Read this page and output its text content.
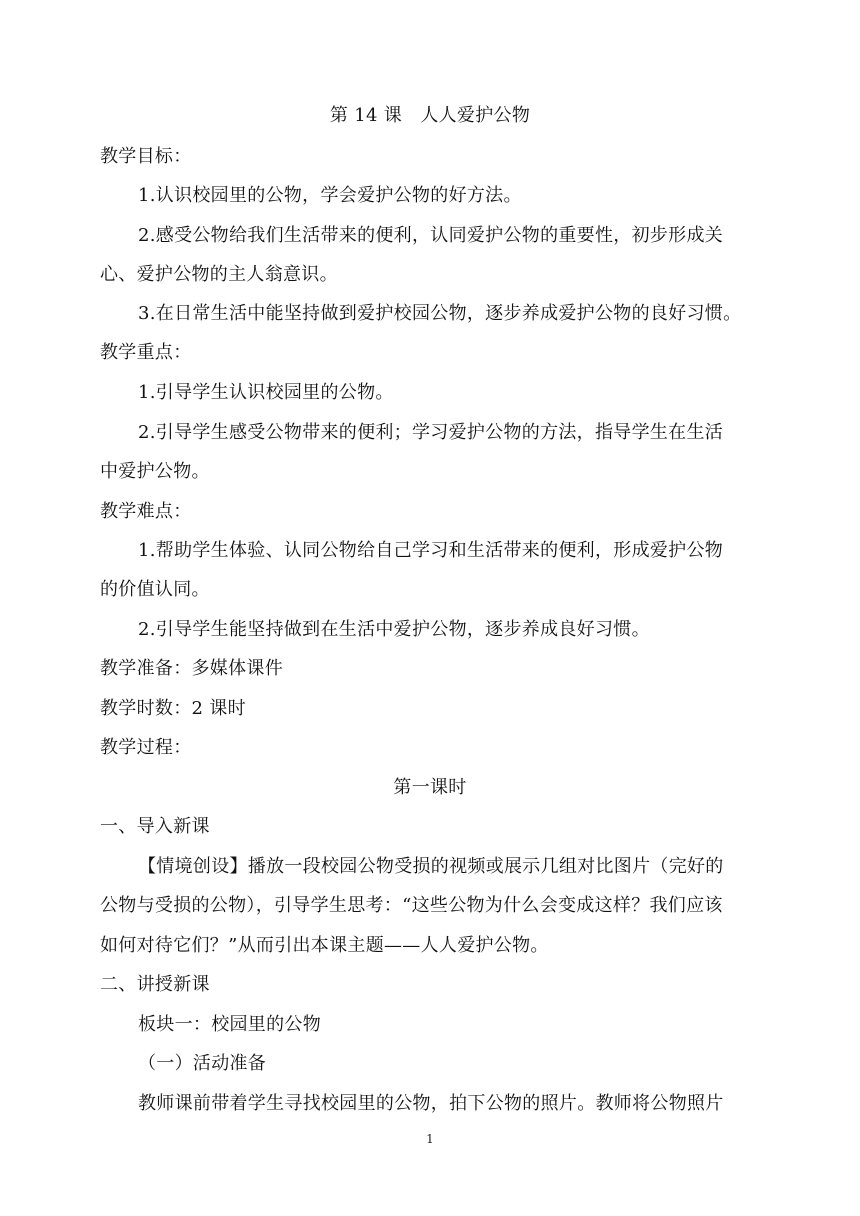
第 14 课　人人爱护公物
教学目标：
1.认识校园里的公物，学会爱护公物的好方法。
2.感受公物给我们生活带来的便利，认同爱护公物的重要性，初步形成关
心、爱护公物的主人翁意识。
3.在日常生活中能坚持做到爱护校园公物，逐步养成爱护公物的良好习惯。
教学重点：
1.引导学生认识校园里的公物。
2.引导学生感受公物带来的便利；学习爱护公物的方法，指导学生在生活
中爱护公物。
教学难点：
1.帮助学生体验、认同公物给自己学习和生活带来的便利，形成爱护公物
的价值认同。
2.引导学生能坚持做到在生活中爱护公物，逐步养成良好习惯。
教学准备：多媒体课件
教学时数：2 课时
教学过程：
第一课时
一、导入新课
【情境创设】播放一段校园公物受损的视频或展示几组对比图片（完好的
公物与受损的公物），引导学生思考：“这些公物为什么会变成这样？我们应该
如何对待它们？”从而引出本课主题——人人爱护公物。
二、讲授新课
板块一：校园里的公物
（一）活动准备
教师课前带着学生寻找校园里的公物，拍下公物的照片。教师将公物照片
1
